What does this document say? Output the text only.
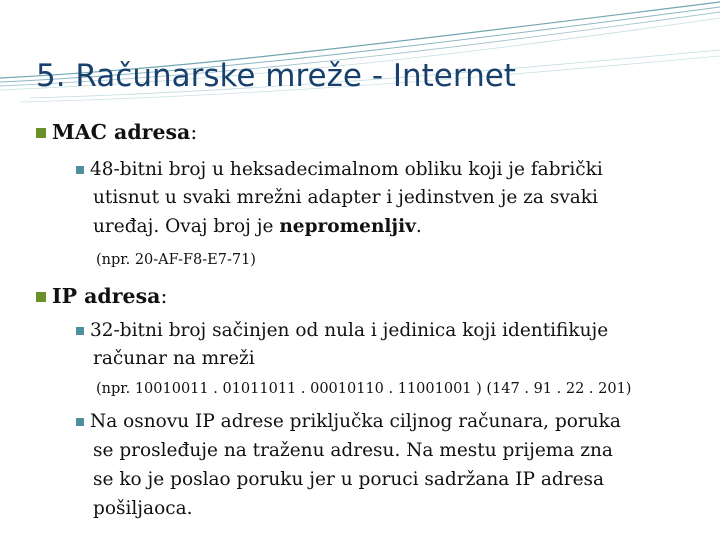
5. Računarske mreže - Internet
MAC adresa:
48-bitni broj u heksadecimalnom obliku koji je fabrički
utisnut u svaki mrežni adapter i jedinstven je za svaki
uređaj. Ovaj broj je nepromenljiv.
(npr. 20-AF-F8-E7-71)
IP adresa:
32-bitni broj sačinjen od nula i jedinica koji identifikuje
računar na mreži
(npr. 10010011 . 01011011 . 00010110 . 11001001 ) (147 . 91 . 22 . 201)
Na osnovu IP adrese priključka ciljnog računara, poruka
se prosleđuje na traženu adresu. Na mestu prijema zna
se ko je poslao poruku jer u poruci sadržana IP adresa
pošiljaoca.
